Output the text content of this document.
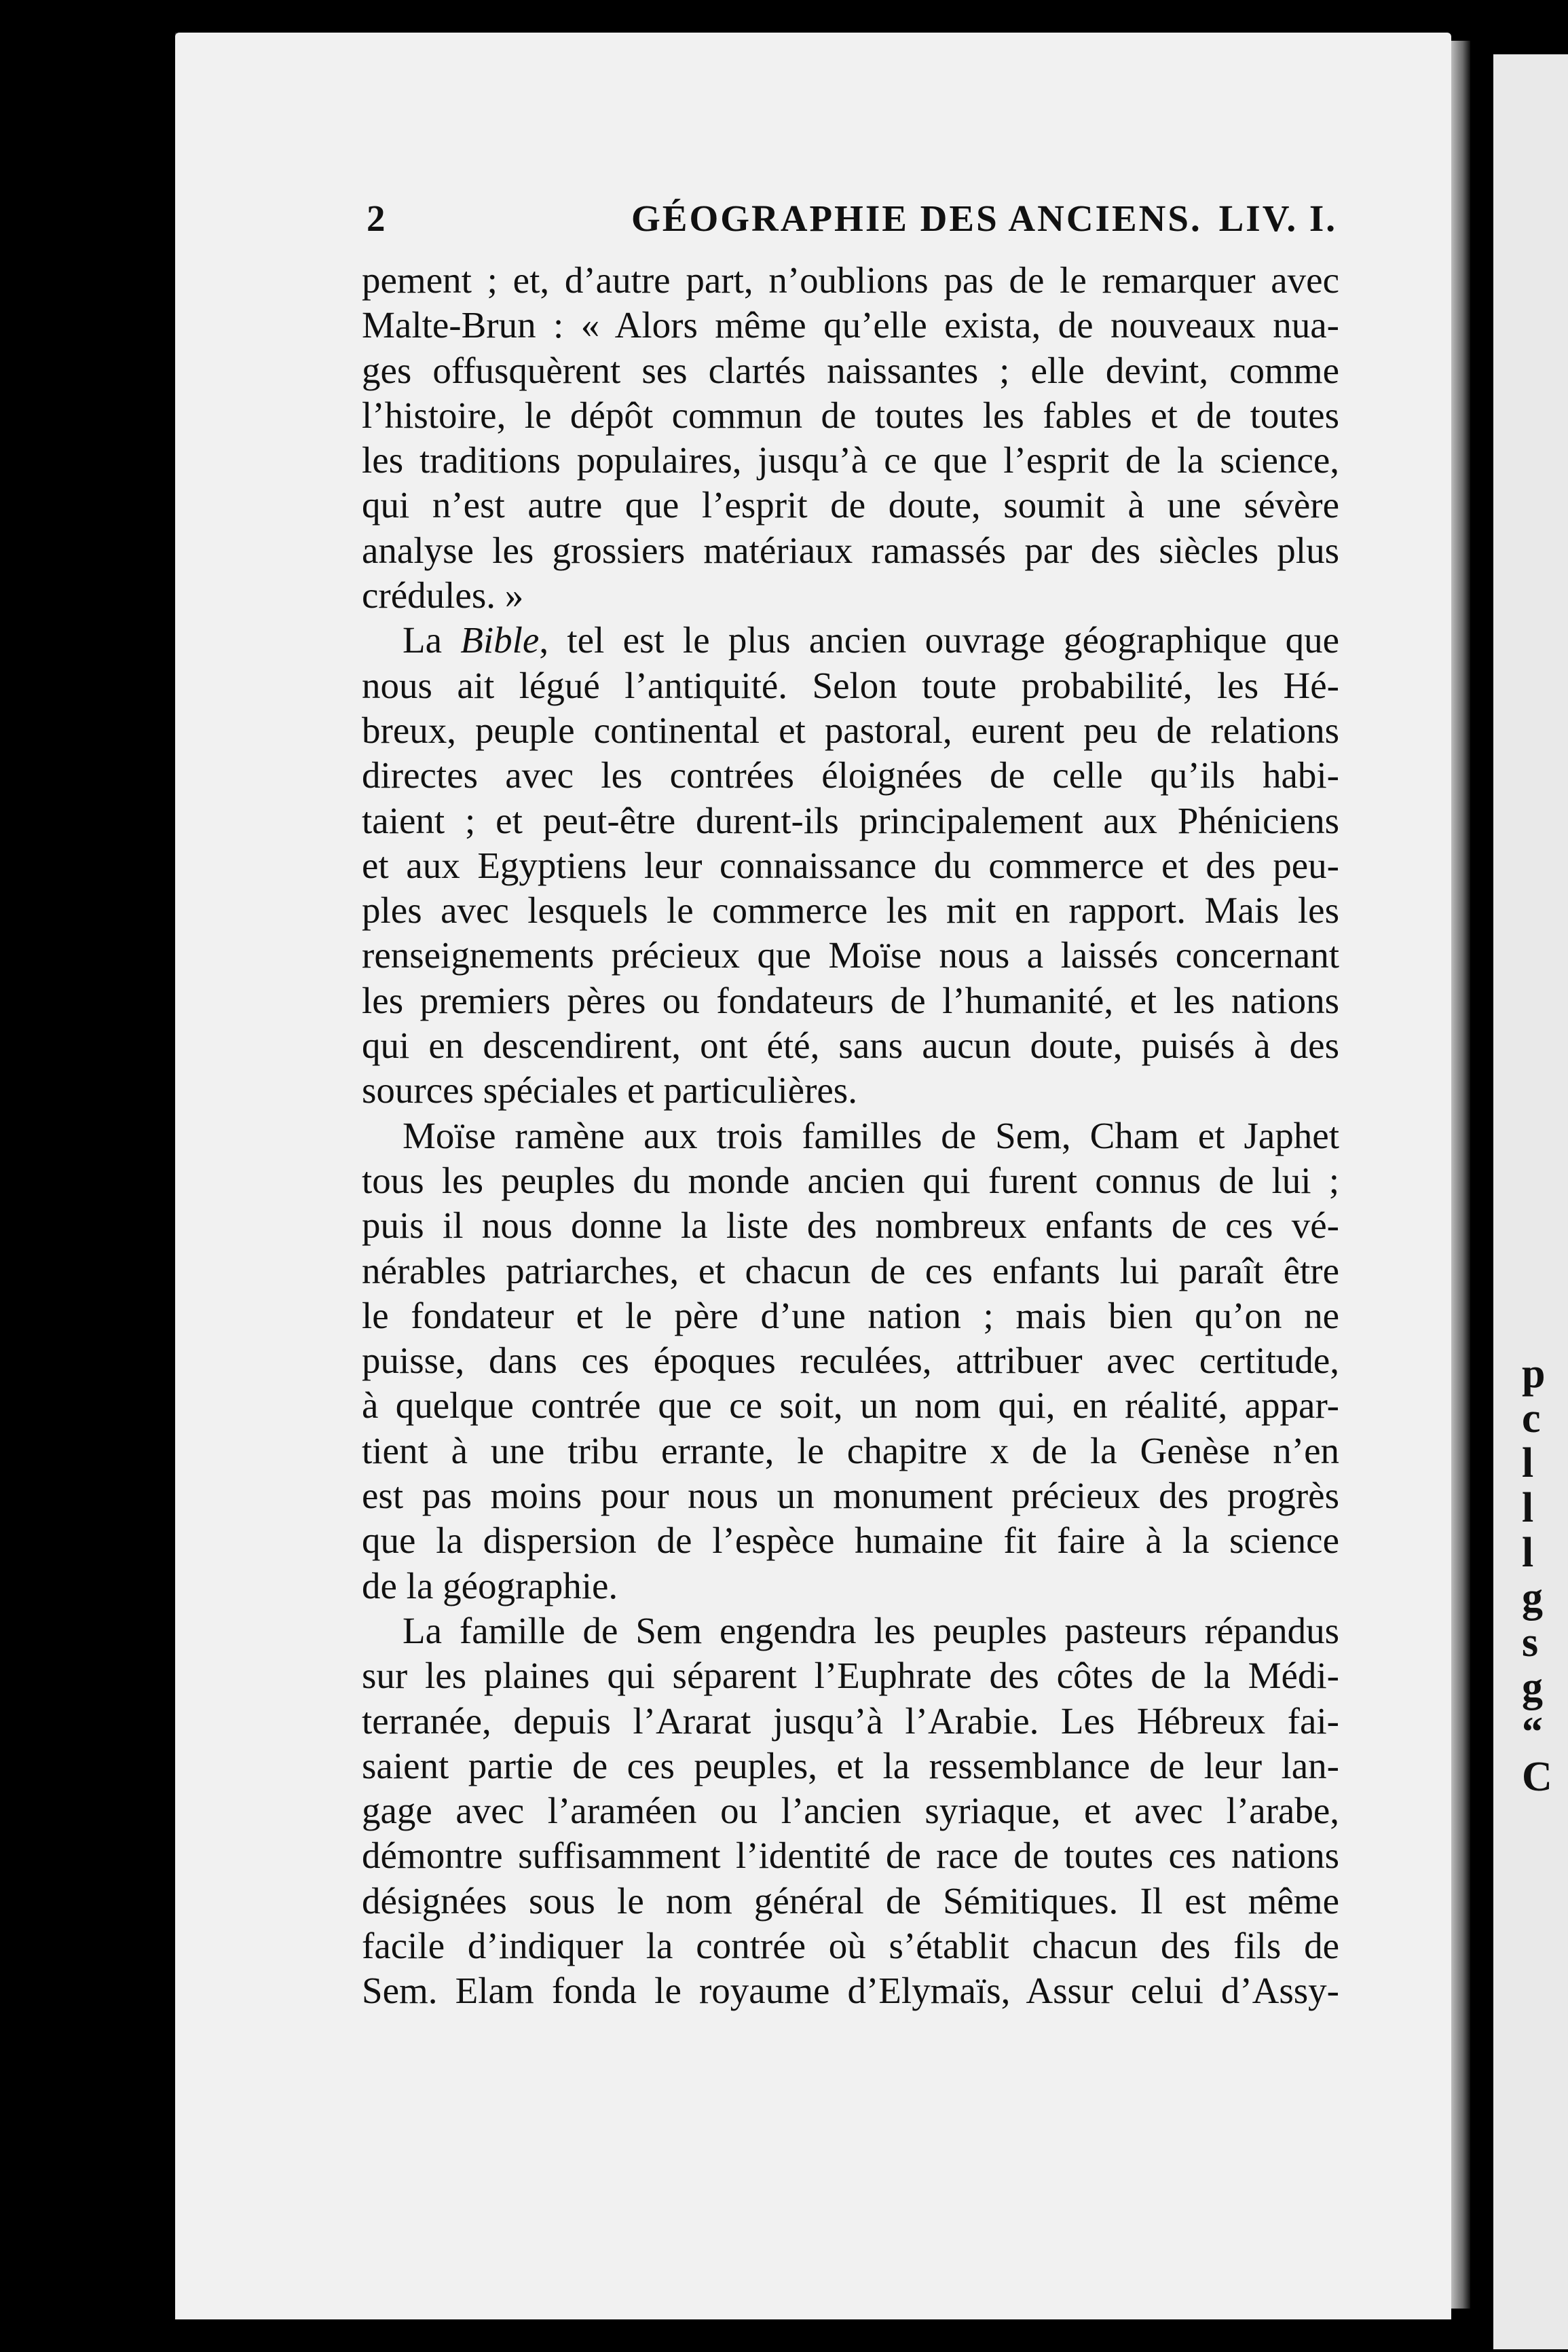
p
c
l
l
l
g
s
g
“
C
2	GÉOGRAPHIE DES ANCIENS. LIV. I.
pement ; et, d’autre part, n’oublions pas de le remarquer avec
Malte-Brun : « Alors même qu’elle exista, de nouveaux nua-
ges offusquèrent ses clartés naissantes ; elle devint, comme
l’histoire, le dépôt commun de toutes les fables et de toutes
les traditions populaires, jusqu’à ce que l’esprit de la science,
qui n’est autre que l’esprit de doute, soumit à une sévère
analyse les grossiers matériaux ramassés par des siècles plus
crédules. »
La Bible, tel est le plus ancien ouvrage géographique que
nous ait légué l’antiquité. Selon toute probabilité, les Hé-
breux, peuple continental et pastoral, eurent peu de relations
directes avec les contrées éloignées de celle qu’ils habi-
taient ; et peut-être durent-ils principalement aux Phéniciens
et aux Egyptiens leur connaissance du commerce et des peu-
ples avec lesquels le commerce les mit en rapport. Mais les
renseignements précieux que Moïse nous a laissés concernant
les premiers pères ou fondateurs de l’humanité, et les nations
qui en descendirent, ont été, sans aucun doute, puisés à des
sources spéciales et particulières.
Moïse ramène aux trois familles de Sem, Cham et Japhet
tous les peuples du monde ancien qui furent connus de lui ;
puis il nous donne la liste des nombreux enfants de ces vé-
nérables patriarches, et chacun de ces enfants lui paraît être
le fondateur et le père d’une nation ; mais bien qu’on ne
puisse, dans ces époques reculées, attribuer avec certitude,
à quelque contrée que ce soit, un nom qui, en réalité, appar-
tient à une tribu errante, le chapitre x de la Genèse n’en
est pas moins pour nous un monument précieux des progrès
que la dispersion de l’espèce humaine fit faire à la science
de la géographie.
La famille de Sem engendra les peuples pasteurs répandus
sur les plaines qui séparent l’Euphrate des côtes de la Médi-
terranée, depuis l’Ararat jusqu’à l’Arabie. Les Hébreux fai-
saient partie de ces peuples, et la ressemblance de leur lan-
gage avec l’araméen ou l’ancien syriaque, et avec l’arabe,
démontre suffisamment l’identité de race de toutes ces nations
désignées sous le nom général de Sémitiques. Il est même
facile d’indiquer la contrée où s’établit chacun des fils de
Sem. Elam fonda le royaume d’Elymaïs, Assur celui d’Assy-
